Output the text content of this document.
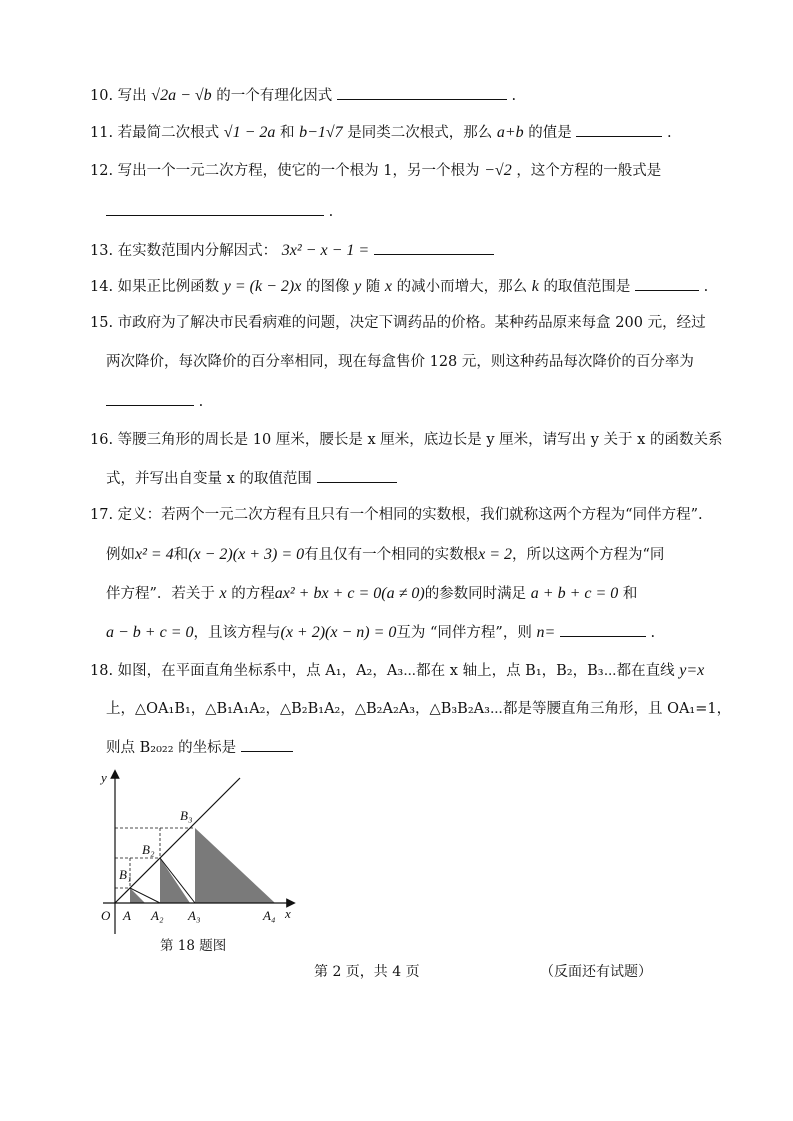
10. 写出 √2a − √b 的一个有理化因式	.
11. 若最简二次根式 √1 − 2a 和 b−1√7 是同类二次根式，那么 a+b 的值是	.
12. 写出一个一元二次方程，使它的一个根为 1，另一个根为 −√2 ，这个方程的一般式是
.
13. 在实数范围内分解因式： 3x² − x − 1 =
14. 如果正比例函数 y = (k − 2)x 的图像 y 随 x 的减小而增大，那么 k 的取值范围是	.
15. 市政府为了解决市民看病难的问题，决定下调药品的价格。某种药品原来每盒 200 元，经过
两次降价，每次降价的百分率相同，现在每盒售价 128 元，则这种药品每次降价的百分率为
.
16. 等腰三角形的周长是 10 厘米，腰长是 x 厘米，底边长是 y 厘米，请写出 y 关于 x 的函数关系
式，并写出自变量 x 的取值范围
17. 定义：若两个一元二次方程有且只有一个相同的实数根，我们就称这两个方程为“同伴方程”.
例如x² = 4和(x − 2)(x + 3) = 0有且仅有一个相同的实数根x = 2，所以这两个方程为“同
伴方程”．若关于 x 的方程ax² + bx + c = 0(a ≠ 0)的参数同时满足 a + b + c = 0 和
a − b + c = 0，且该方程与(x + 2)(x − n) = 0互为 “同伴方程”，则 n=	.
18. 如图，在平面直角坐标系中，点 A₁，A₂，A₃⋯都在 x 轴上，点 B₁，B₂，B₃⋯都在直线 y=x
上，△OA₁B₁，△B₁A₁A₂，△B₂B₁A₂，△B₂A₂A₃，△B₃B₂A₃⋯都是等腰直角三角形，且 OA₁=1，
则点 B₂₀₂₂ 的坐标是
y
x
O A A₂ A₃	A₄
B₁
B₂
B₃
第 18 题图
第 2 页，共 4 页	（反面还有试题）
